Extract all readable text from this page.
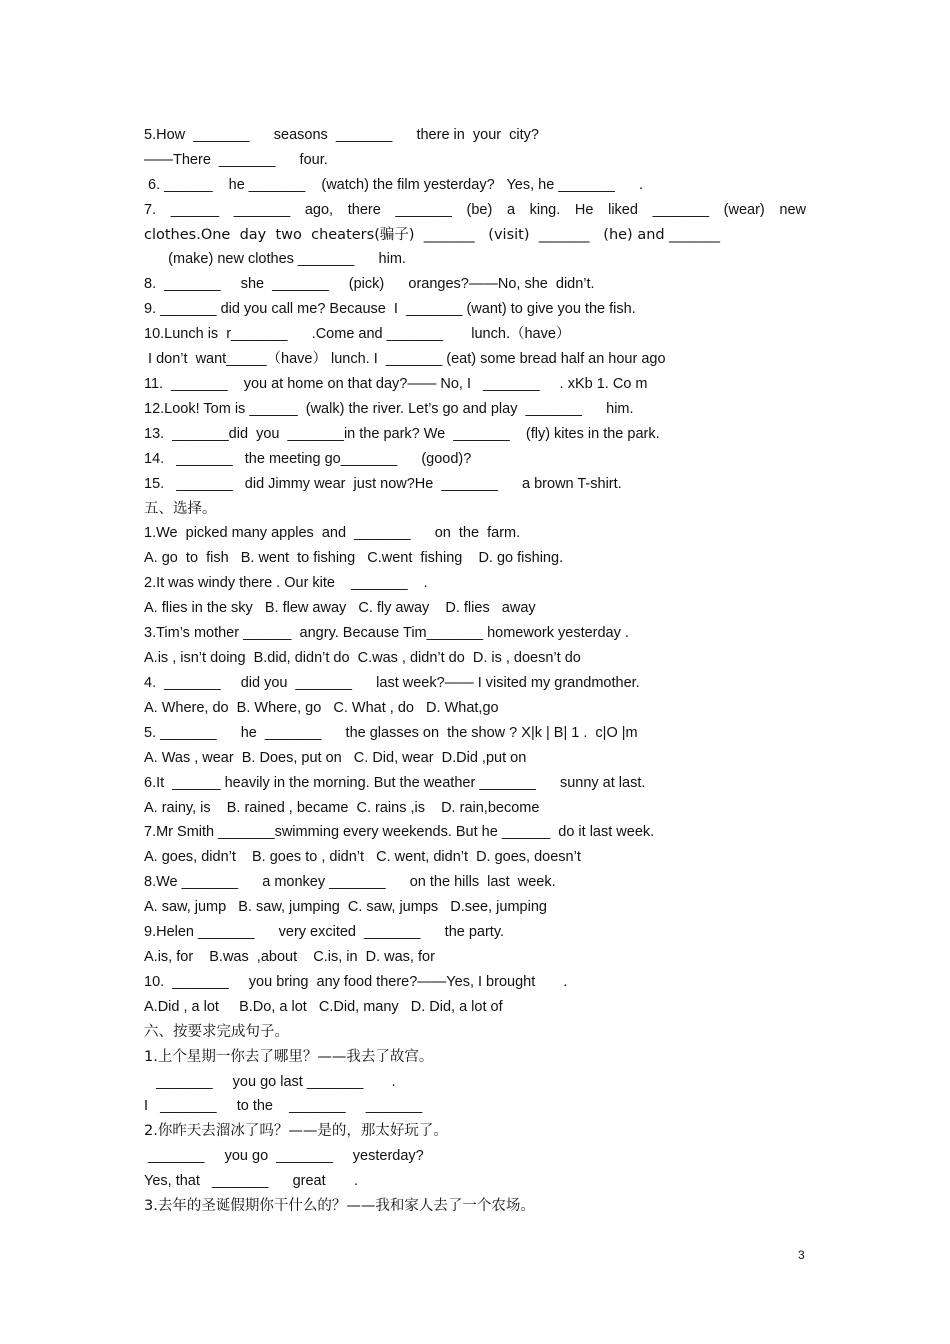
5.How  _______      seasons  _______      there in  your  city?
——There  _______      four.
6. ______    he _______    (watch) the film yesterday?   Yes, he _______      .
7. ______ _______ ago, there _______ (be) a king. He liked _______ (wear) new
clothes.One  day  two  cheaters(骗子)  _______   (visit)  _______   (he) and _______
(make) new clothes _______      him.
8.  _______     she  _______     (pick)      oranges?——No, she  didn’t.
9. _______ did you call me? Because  I  _______ (want) to give you the fish.
10.Lunch is  r_______      .Come and _______       lunch.（have）
I don’t  want_____（have） lunch. I  _______ (eat) some bread half an hour ago
11.  _______    you at home on that day?—— No, I   _______     . xKb 1. Co m
12.Look! Tom is ______  (walk) the river. Let’s go and play  _______      him.
13.  _______did  you  _______in the park? We  _______    (fly) kites in the park.
14.   _______   the meeting go_______      (good)?
15.   _______   did Jimmy wear  just now?He  _______      a brown T-shirt.
五、选择。
1.We  picked many apples  and  _______      on  the  farm.
A. go  to  fish   B. went  to fishing   C.went  fishing    D. go fishing.
2.It was windy there . Our kite    _______    .
A. flies in the sky   B. flew away   C. fly away    D. flies   away
3.Tim’s mother ______  angry. Because Tim_______ homework yesterday .
A.is , isn’t doing  B.did, didn’t do  C.was , didn’t do  D. is , doesn’t do
4.  _______     did you  _______      last week?—— I visited my grandmother.
A. Where, do  B. Where, go   C. What , do   D. What,go
5. _______      he  _______      the glasses on  the show ? X|k | B| 1 .  c|O |m
A. Was , wear  B. Does, put on   C. Did, wear  D.Did ,put on
6.It  ______ heavily in the morning. But the weather _______      sunny at last.
A. rainy, is    B. rained , became  C. rains ,is    D. rain,become
7.Mr Smith _______swimming every weekends. But he ______  do it last week.
A. goes, didn’t    B. goes to , didn’t   C. went, didn’t  D. goes, doesn’t
8.We _______      a monkey _______      on the hills  last  week.
A. saw, jump   B. saw, jumping  C. saw, jumps   D.see, jumping
9.Helen _______      very excited  _______      the party.
A.is, for    B.was  ,about    C.is, in  D. was, for
10.  _______     you bring  any food there?——Yes, I brought       .
A.Did , a lot     B.Do, a lot   C.Did, many   D. Did, a lot of
六、按要求完成句子。
1.上个星期一你去了哪里？——我去了故宫。
_______     you go last _______       .
I   _______     to the    _______     _______
2.你昨天去溜冰了吗？——是的，那太好玩了。
_______     you go  _______     yesterday?
Yes, that   _______      great       .
3.去年的圣诞假期你干什么的？——我和家人去了一个农场。
3
